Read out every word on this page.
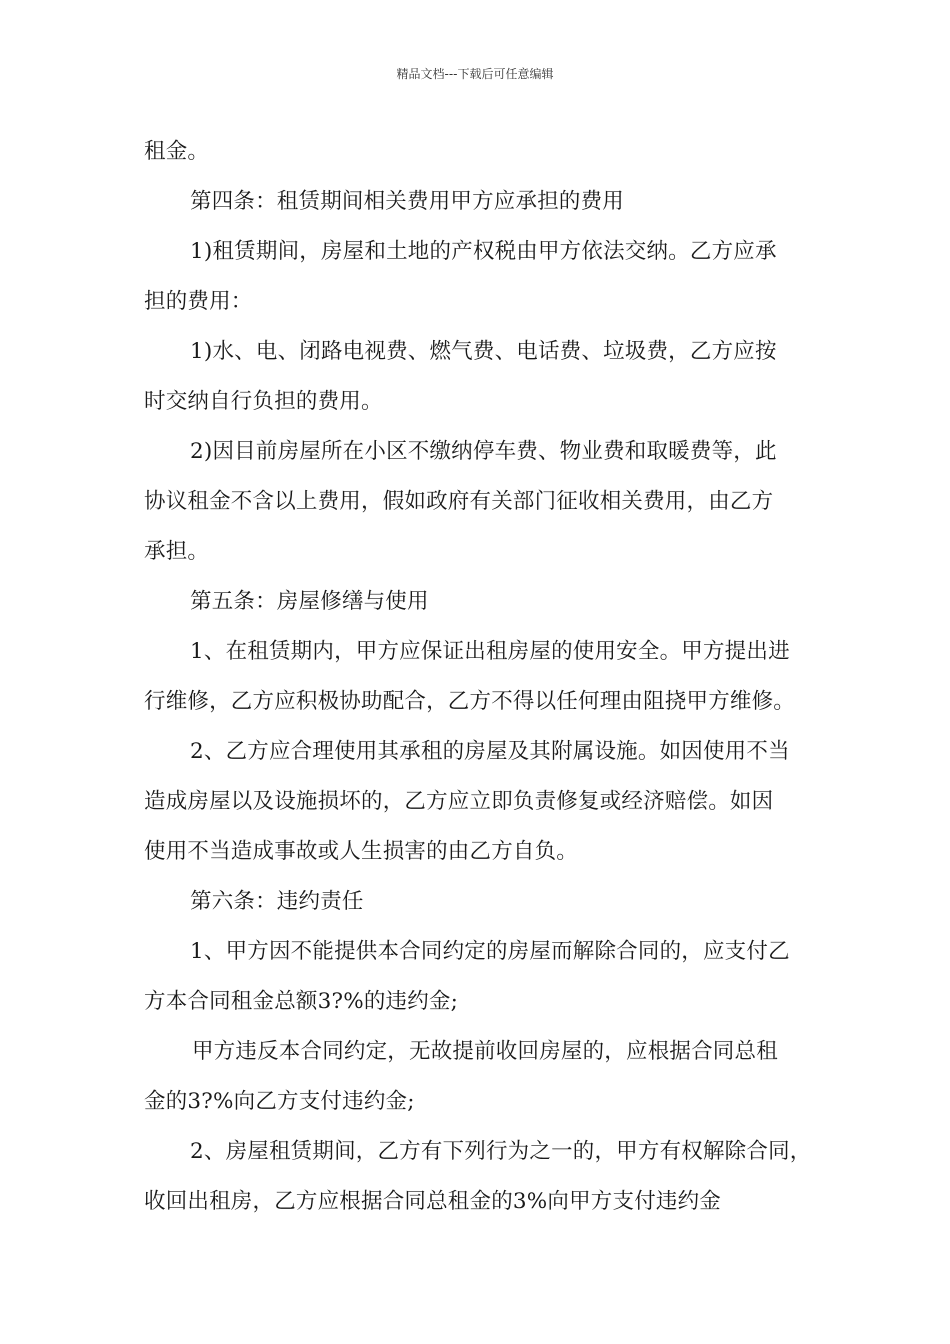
精品文档---下载后可任意编辑
租金。
第四条：租赁期间相关费用甲方应承担的费用
1)租赁期间，房屋和土地的产权税由甲方依法交纳。乙方应承
担的费用：
1)水、电、闭路电视费、燃气费、电话费、垃圾费，乙方应按
时交纳自行负担的费用。
2)因目前房屋所在小区不缴纳停车费、物业费和取暖费等，此
协议租金不含以上费用，假如政府有关部门征收相关费用，由乙方
承担。
第五条：房屋修缮与使用
1、在租赁期内，甲方应保证出租房屋的使用安全。甲方提出进
行维修，乙方应积极协助配合，乙方不得以任何理由阻挠甲方维修。
2、乙方应合理使用其承租的房屋及其附属设施。如因使用不当
造成房屋以及设施损坏的，乙方应立即负责修复或经济赔偿。如因
使用不当造成事故或人生损害的由乙方自负。
第六条：违约责任
1、甲方因不能提供本合同约定的房屋而解除合同的，应支付乙
方本合同租金总额3?%的违约金;
甲方违反本合同约定，无故提前收回房屋的，应根据合同总租
金的3?%向乙方支付违约金;
2、房屋租赁期间，乙方有下列行为之一的，甲方有权解除合同，
收回出租房，乙方应根据合同总租金的3%向甲方支付违约金
